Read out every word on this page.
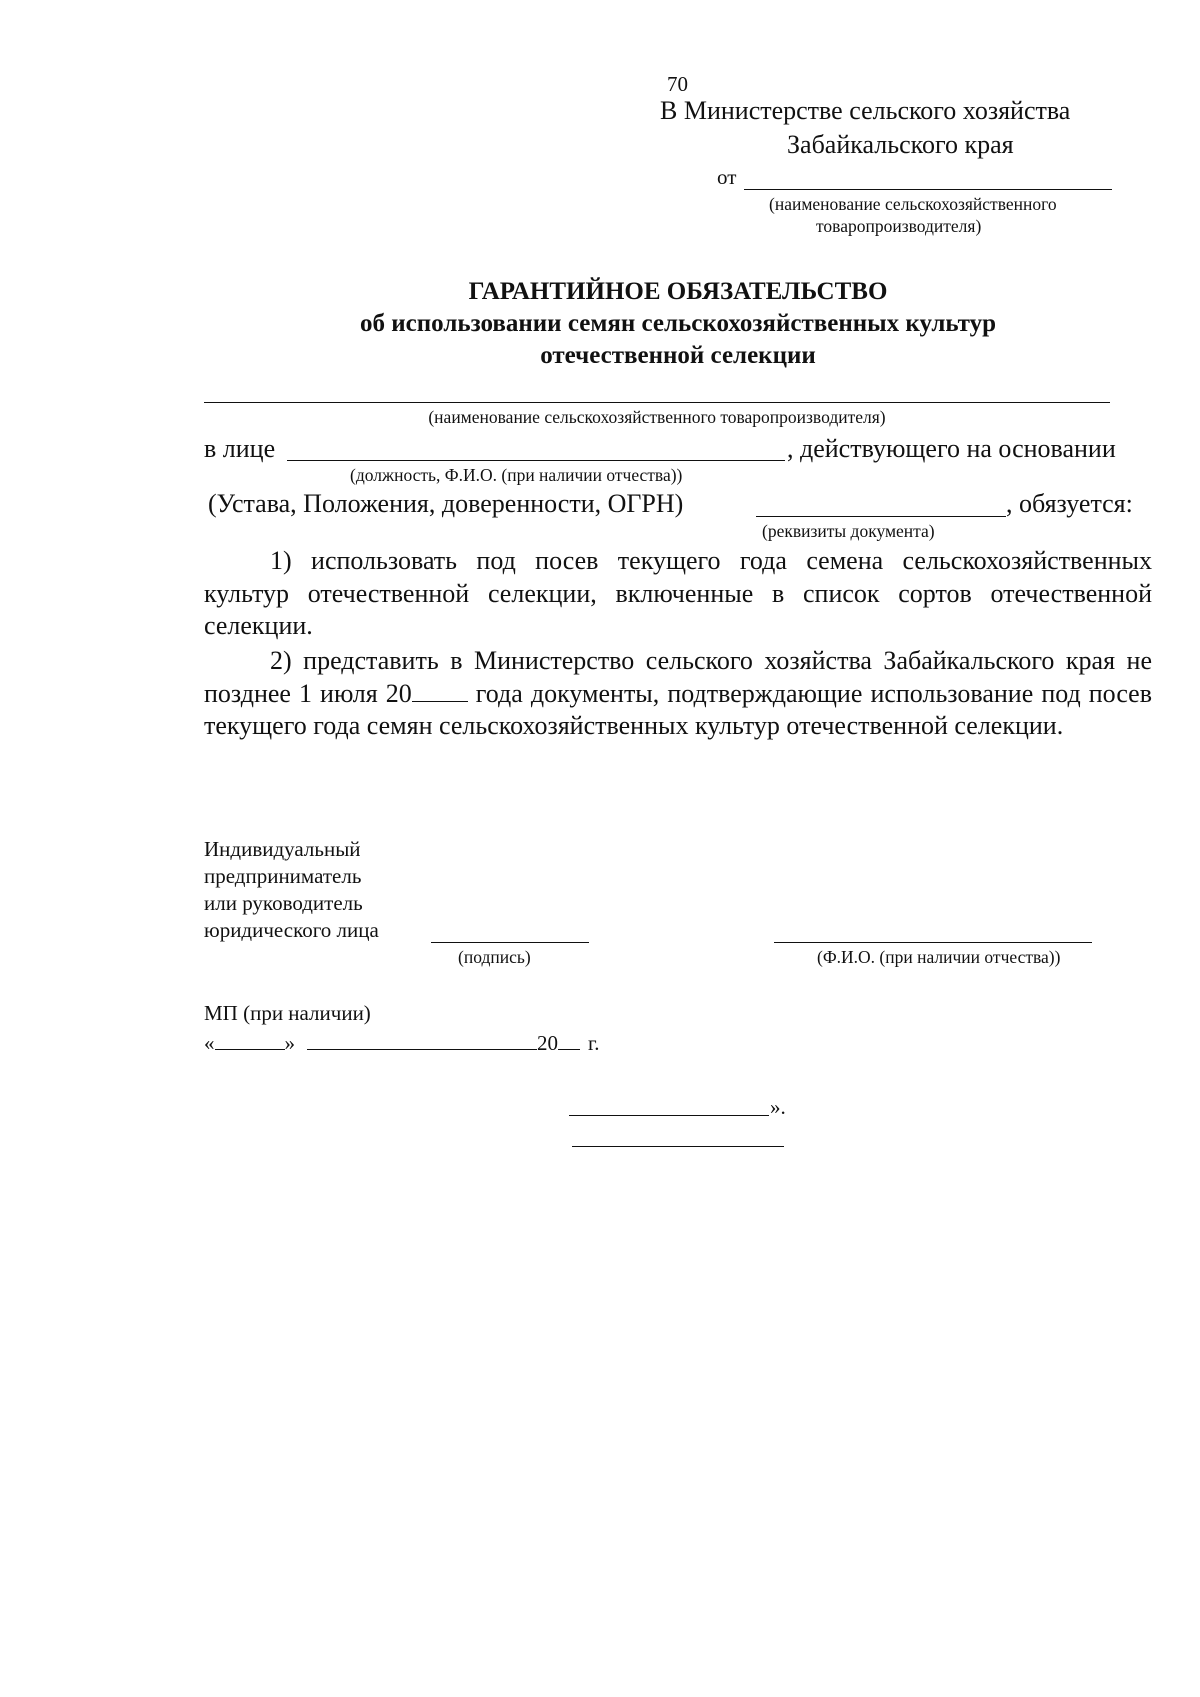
70
В Министерстве сельского хозяйства
Забайкальского края
от
(наименование сельскохозяйственного
товаропроизводителя)
ГАРАНТИЙНОЕ ОБЯЗАТЕЛЬСТВО
об использовании семян сельскохозяйственных культур
отечественной селекции
(наименование сельскохозяйственного товаропроизводителя)
в лице	, действующего на основании
(должность, Ф.И.О. (при наличии отчества))
(Устава, Положения, доверенности, ОГРН)	, обязуется:
(реквизиты документа)
1) использовать под посев текущего года семена сельскохозяйственных культур отечественной селекции, включенные в список сортов отечественной селекции.
2) представить в Министерство сельского хозяйства Забайкальского края не позднее 1 июля 20 года документы, подтверждающие использование под посев текущего года семян сельскохозяйственных культур отечественной селекции.
Индивидуальный
предприниматель
или руководитель
юридического лица
(подпись)	(Ф.И.О. (при наличии отчества))
МП (при наличии)
«	»	20 г.
».
